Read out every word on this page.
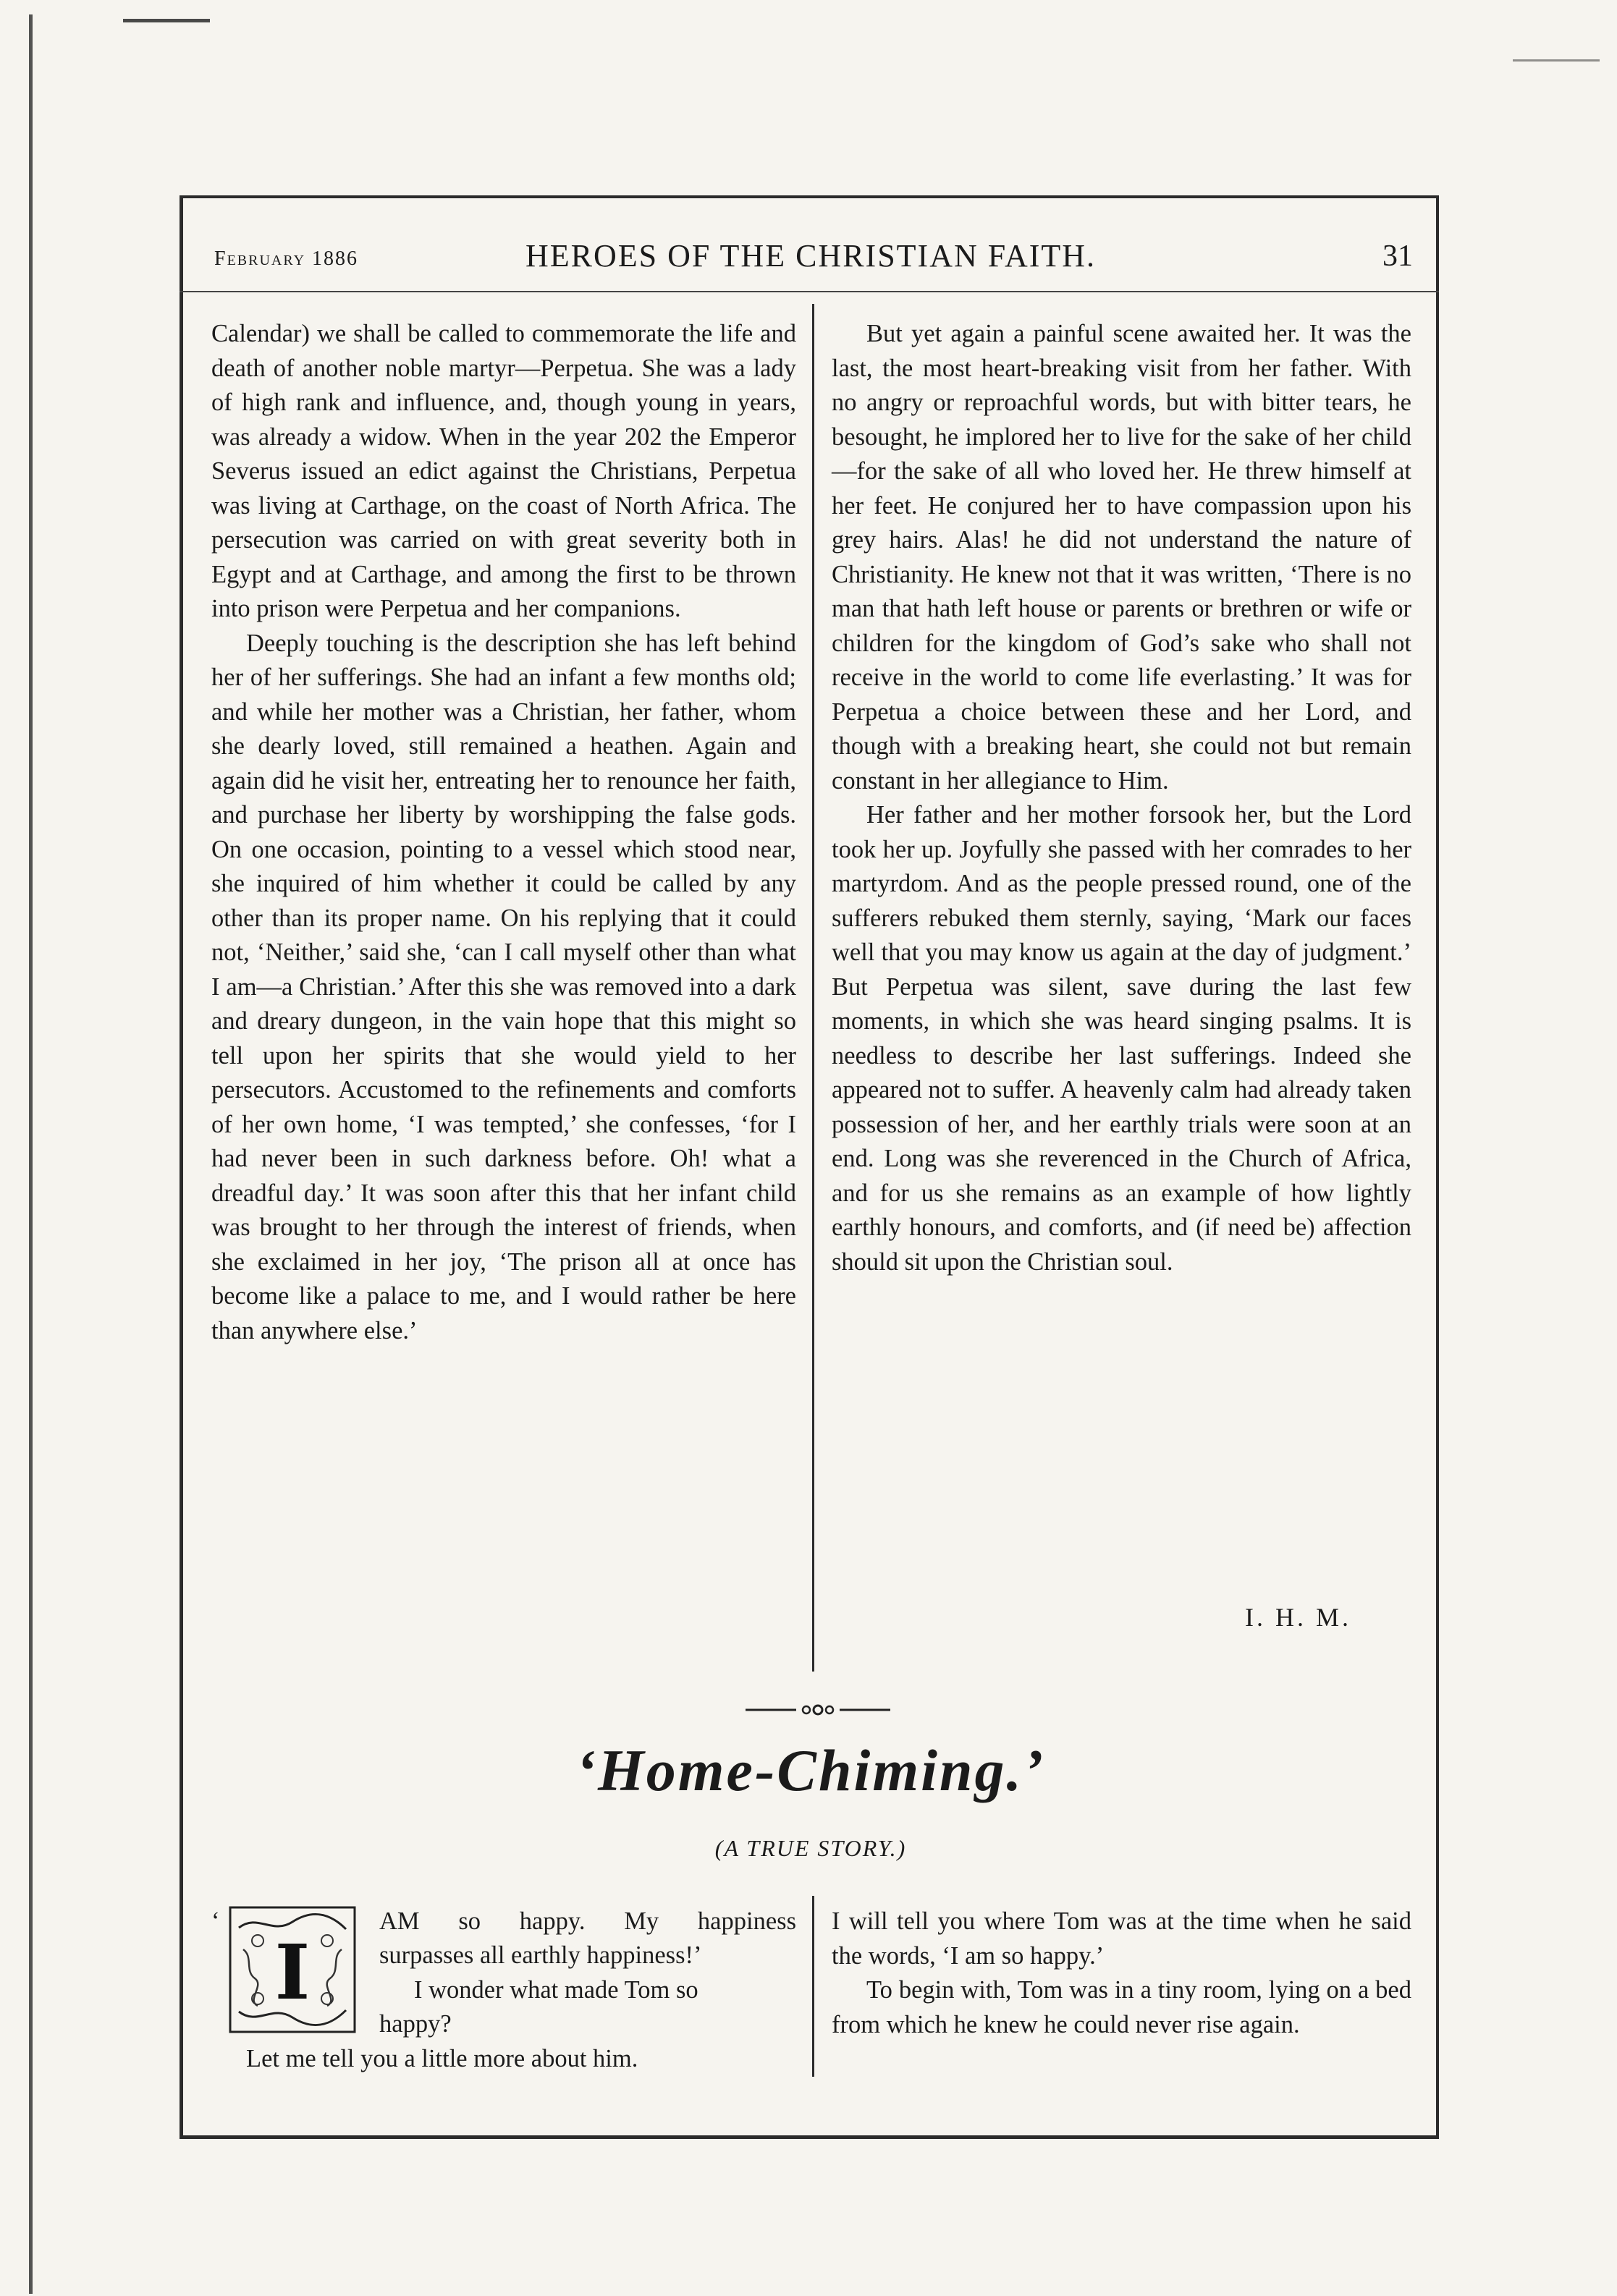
February 1886	HEROES OF THE CHRISTIAN FAITH.	31

Calendar) we shall be called to commemorate the life and death of another noble martyr—Perpetua. She was a lady of high rank and influence, and, though young in years, was already a widow. When in the year 202 the Emperor Severus issued an edict against the Christians, Perpetua was living at Carthage, on the coast of North Africa. The persecution was carried on with great severity both in Egypt and at Carthage, and among the first to be thrown into prison were Perpetua and her companions.

Deeply touching is the description she has left behind her of her sufferings. She had an infant a few months old; and while her mother was a Christian, her father, whom she dearly loved, still remained a heathen. Again and again did he visit her, entreating her to renounce her faith, and purchase her liberty by worshipping the false gods. On one occasion, pointing to a vessel which stood near, she inquired of him whether it could be called by any other than its proper name. On his replying that it could not, ‘Neither,’ said she, ‘can I call myself other than what I am—a Christian.’ After this she was removed into a dark and dreary dungeon, in the vain hope that this might so tell upon her spirits that she would yield to her persecutors. Accustomed to the refinements and comforts of her own home, ‘I was tempted,’ she confesses, ‘for I had never been in such darkness before. Oh! what a dreadful day.’ It was soon after this that her infant child was brought to her through the interest of friends, when she exclaimed in her joy, ‘The prison all at once has become like a palace to me, and I would rather be here than anywhere else.’

But yet again a painful scene awaited her. It was the last, the most heart-breaking visit from her father. With no angry or reproachful words, but with bitter tears, he besought, he implored her to live for the sake of her child—for the sake of all who loved her. He threw himself at her feet. He conjured her to have compassion upon his grey hairs. Alas! he did not understand the nature of Christianity. He knew not that it was written, ‘There is no man that hath left house or parents or brethren or wife or children for the kingdom of God’s sake who shall not receive in the world to come life everlasting.’ It was for Perpetua a choice between these and her Lord, and though with a breaking heart, she could not but remain constant in her allegiance to Him.

Her father and her mother forsook her, but the Lord took her up. Joyfully she passed with her comrades to her martyrdom. And as the people pressed round, one of the sufferers rebuked them sternly, saying, ‘Mark our faces well that you may know us again at the day of judgment.’ But Perpetua was silent, save during the last few moments, in which she was heard singing psalms. It is needless to describe her last sufferings. Indeed she appeared not to suffer. A heavenly calm had already taken possession of her, and her earthly trials were soon at an end. Long was she reverenced in the Church of Africa, and for us she remains as an example of how lightly earthly honours, and comforts, and (if need be) affection should sit upon the Christian soul.

I. H. M.
‘Home-Chiming.’
(A TRUE STORY.)
‘
I
AM so happy. My happiness
surpasses all earthly happiness!’
I wonder what made Tom so
happy?
Let me tell you a little more about him.

I will tell you where Tom was at the time when he said the words, ‘I am so happy.’

To begin with, Tom was in a tiny room, lying on a bed from which he knew he could never rise again.
